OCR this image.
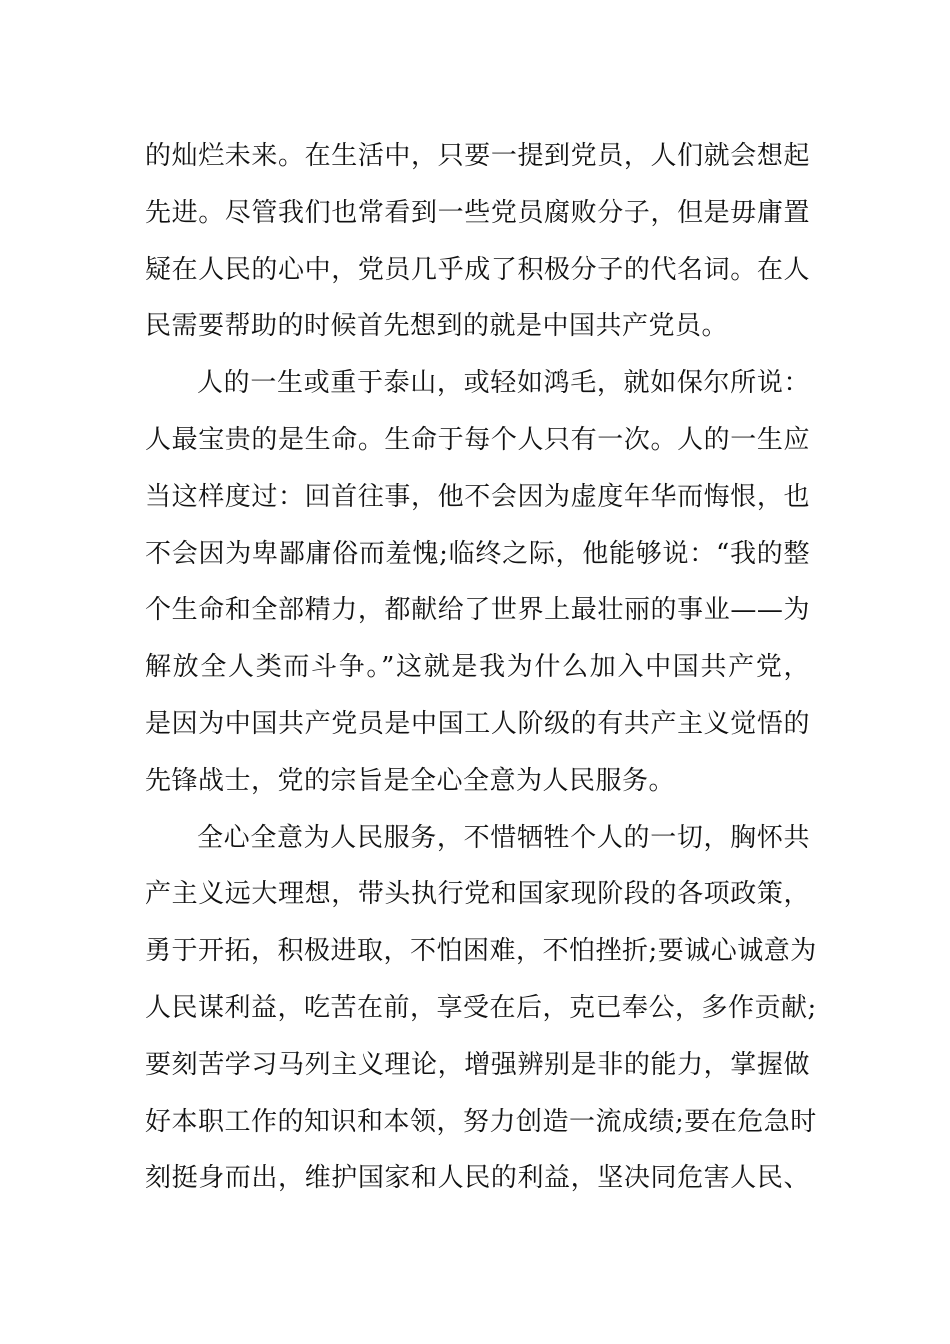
的灿烂未来。在生活中，只要一提到党员，人们就会想起
先进。尽管我们也常看到一些党员腐败分子，但是毋庸置
疑在人民的心中，党员几乎成了积极分子的代名词。在人
民需要帮助的时候首先想到的就是中国共产党员。

人的一生或重于泰山，或轻如鸿毛，就如保尔所说：
人最宝贵的是生命。生命于每个人只有一次。人的一生应
当这样度过：回首往事，他不会因为虚度年华而悔恨，也
不会因为卑鄙庸俗而羞愧;临终之际，他能够说：“我的整
个生命和全部精力，都献给了世界上最壮丽的事业——为
解放全人类而斗争。”这就是我为什么加入中国共产党，
是因为中国共产党员是中国工人阶级的有共产主义觉悟的
先锋战士，党的宗旨是全心全意为人民服务。

全心全意为人民服务，不惜牺牲个人的一切，胸怀共
产主义远大理想，带头执行党和国家现阶段的各项政策，
勇于开拓，积极进取，不怕困难，不怕挫折;要诚心诚意为
人民谋利益，吃苦在前，享受在后，克已奉公，多作贡献;
要刻苦学习马列主义理论，增强辨别是非的能力，掌握做
好本职工作的知识和本领，努力创造一流成绩;要在危急时
刻挺身而出，维护国家和人民的利益，坚决同危害人民、
